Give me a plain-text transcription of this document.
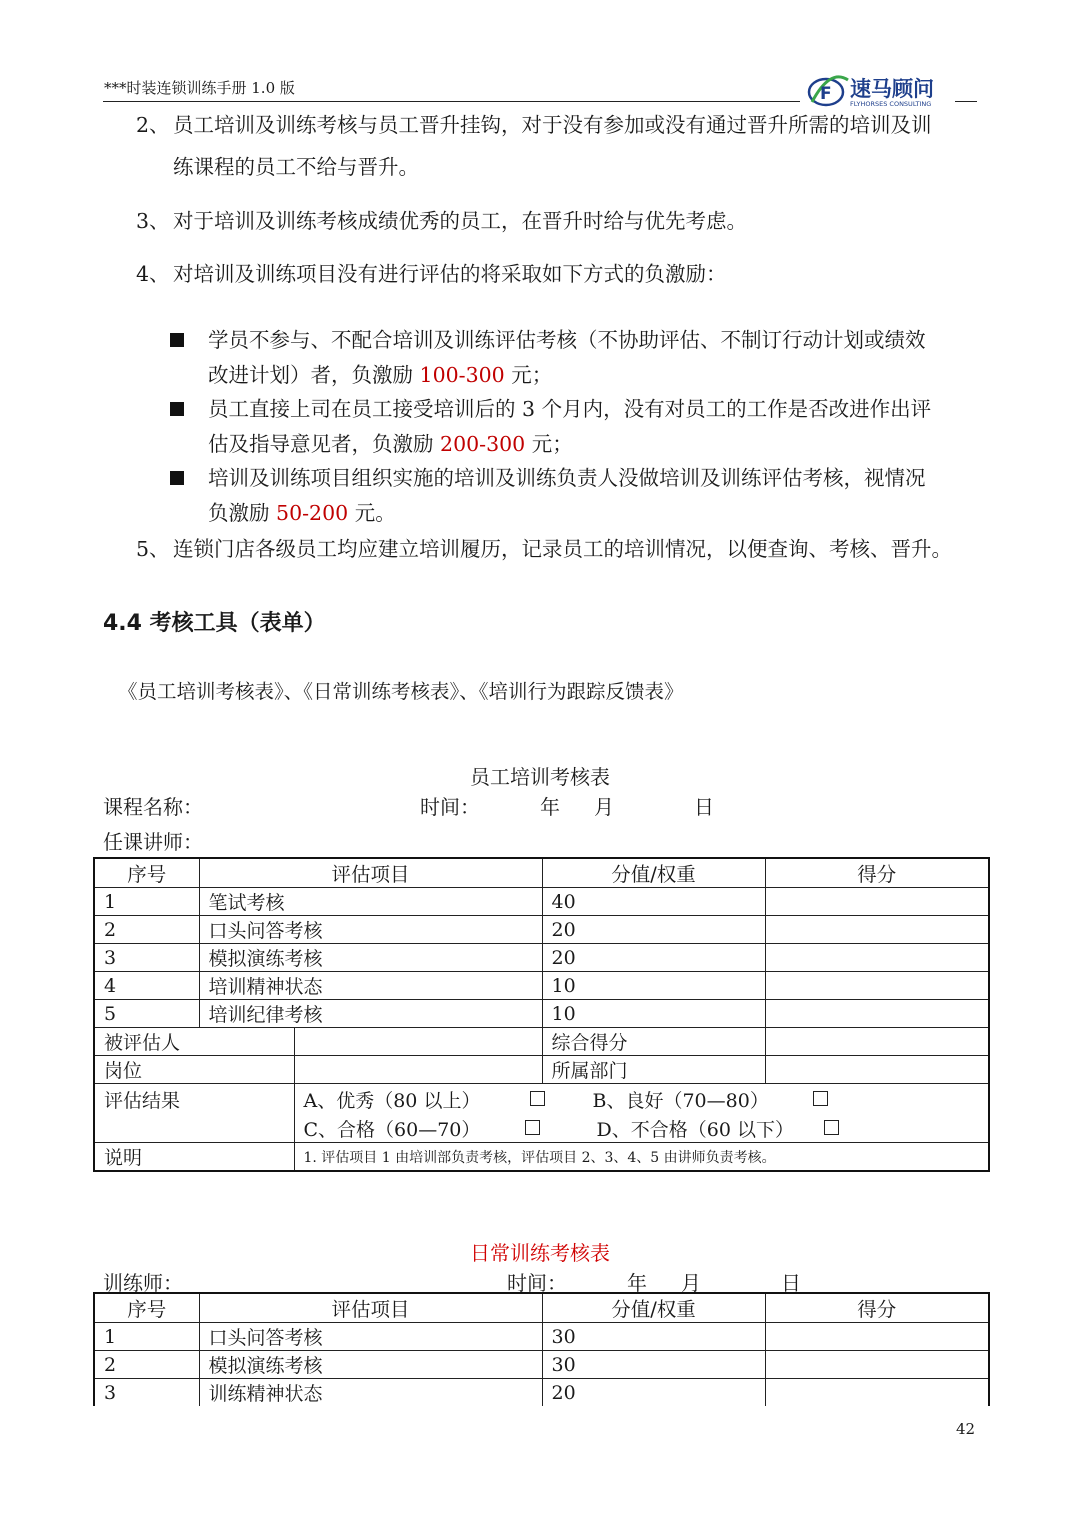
***时装连锁训练手册 1.0 版	F 速马顾问
FLYHORSES CONSULTING
2、 员工培训及训练考核与员工晋升挂钩，对于没有参加或没有通过晋升所需的培训及训
练课程的员工不给与晋升。
3、 对于培训及训练考核成绩优秀的员工，在晋升时给与优先考虑。
4、 对培训及训练项目没有进行评估的将采取如下方式的负激励：
学员不参与、不配合培训及训练评估考核（不协助评估、不制订行动计划或绩效
改进计划）者，负激励 100-300 元；
员工直接上司在员工接受培训后的 3 个月内，没有对员工的工作是否改进作出评
估及指导意见者，负激励 200-300 元；
培训及训练项目组织实施的培训及训练负责人没做培训及训练评估考核，视情况
负激励 50-200 元。
5、 连锁门店各级员工均应建立培训履历，记录员工的培训情况，以便查询、考核、晋升。
4.4 考核工具（表单）
《员工培训考核表》、《日常训练考核表》、《培训行为跟踪反馈表》
员工培训考核表
课程名称：	时间：	年 月	日
任课讲师：
序号	评估项目		分值/权重	得分
1	笔试考核		40	
2	口头问答考核		20	
3	模拟演练考核		20	
4	培训精神状态		10	
5	培训纪律考核		10	
被评估人			综合得分	
岗位			所属部门	
评估结果		A、优秀（80 以上） B、良好（70—80）
C、合格（60—70） D、不合格（60 以下）		

说明		1. 评估项目 1 由培训部负责考核，评估项目 2、3、4、5 由讲师负责考核。		
日常训练考核表
训练师：	时间：	年 月	日
序号	评估项目	分值/权重	得分
1	口头问答考核	30	
2	模拟演练考核	30	
3	训练精神状态	20	
42
